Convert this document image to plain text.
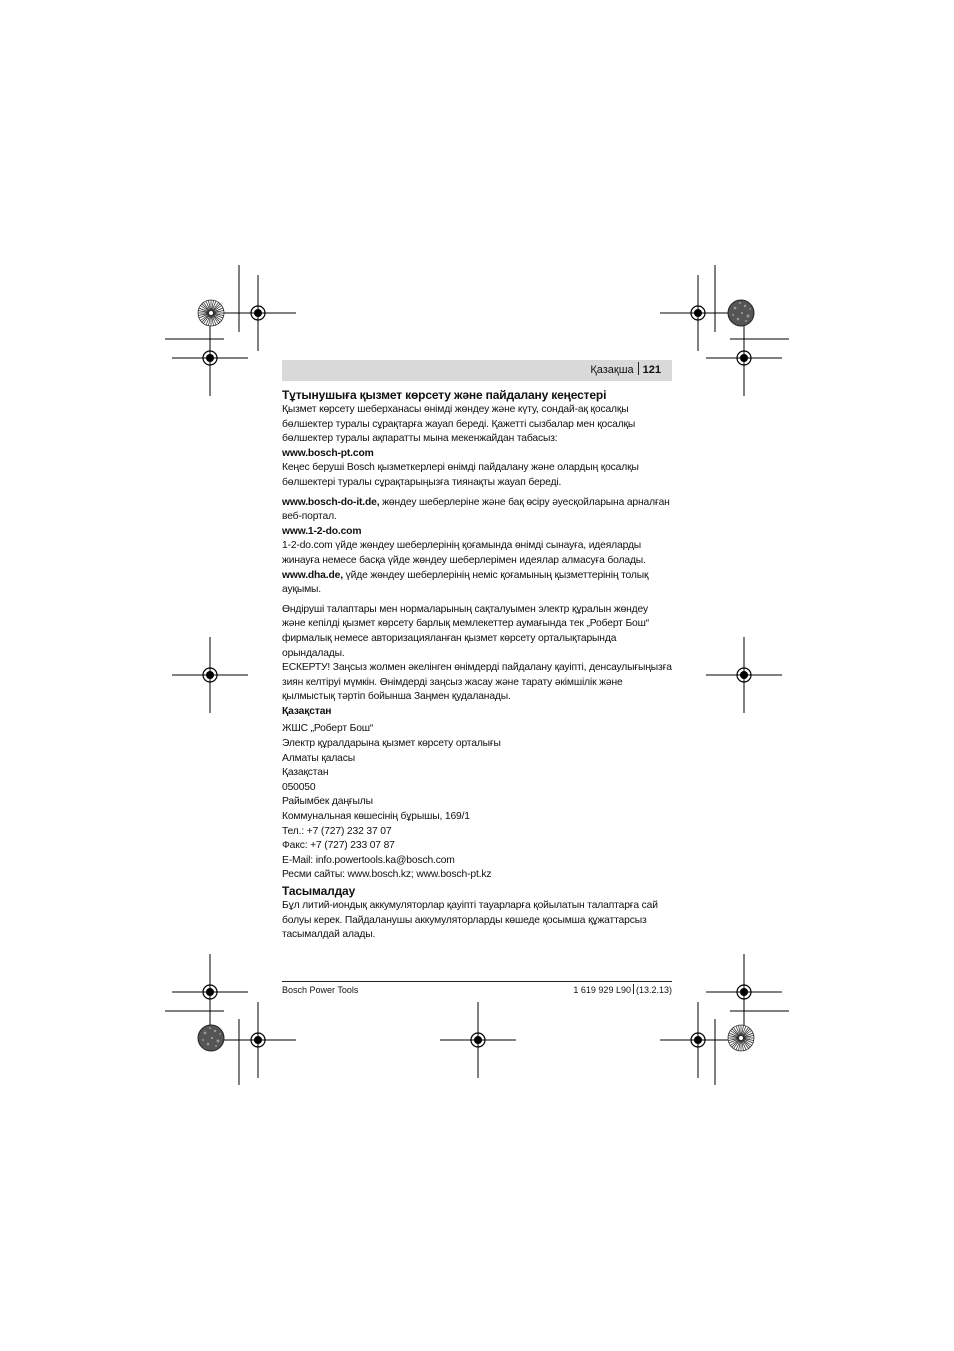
Қазақша 121

Тұтынушыға қызмет көрсету және пайдалану кеңестері

Қызмет көрсету шеберханасы өнімді жөндеу және күту, сондай-ақ қосалқы бөлшектер туралы сұрақтарға жауап береді. Қажетті сызбалар мен қосалқы бөлшектер туралы ақпаратты мына мекенжайдан табасыз:

www.bosch-pt.com

Кеңес беруші Bosch қызметкерлері өнімді пайдалану және олардың қосалқы бөлшектері туралы сұрақтарыңызға тиянақты жауап береді.

www.bosch-do-it.de, жөндеу шеберлеріне және бақ өсіру әуесқойларына арналған веб-портал.

www.1-2-do.com

1-2-do.com үйде жөндеу шеберлерінің қоғамында өнімді сынауға, идеяларды жинауға немесе басқа үйде жөндеу шеберлерімен идеялар алмасуға болады.

www.dha.de, үйде жөндеу шеберлерінің неміс қоғамының қызметтерінің толық ауқымы.

Өндіруші талаптары мен нормаларының сақталуымен электр құралын жөндеу және кепілді қызмет көрсету барлық мемлекеттер аумағында тек „Роберт Бош“ фирмалық немесе авторизацияланған қызмет көрсету орталықтарында орындалады.

ЕСКЕРТУ! Заңсыз жолмен әкелінген өнімдерді пайдалану қауіпті, денсаулығыңызға зиян келтіруі мүмкін. Өнімдерді заңсыз жасау және тарату әкімшілік және қылмыстық тәртіп бойынша Заңмен қудаланады.

Қазақстан

ЖШС „Роберт Бош“

Электр құралдарына қызмет көрсету орталығы

Алматы қаласы

Қазақстан

050050

Райымбек даңғылы

Коммунальная көшесінің бұрышы, 169/1

Тел.: +7 (727) 232 37 07

Факс: +7 (727) 233 07 87

E-Mail: info.powertools.ka@bosch.com

Ресми сайты: www.bosch.kz; www.bosch-pt.kz

Тасымалдау

Бұл литий-иондық аккумуляторлар қауіпті тауарларға қойылатын талаптарға сай болуы керек. Пайдаланушы аккумуляторларды көшеде қосымша құжаттарсыз тасымалдай алады.

Bosch Power Tools	1 619 929 L90 (13.2.13)
